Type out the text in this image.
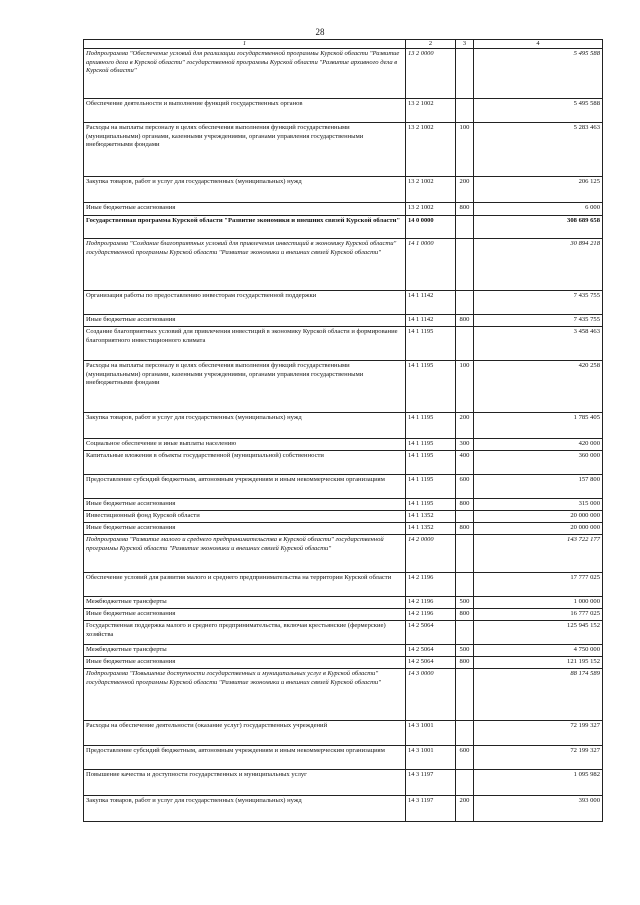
28
1	2	3	4
Подпрограмма "Обеспечение условий для реализации государственной программы Курской области "Развитие архивного дела в Курской области" государственной программы Курской области "Развитие архивного дела в Курской области"	13 2 0000		5 495 588
Обеспечение деятельности и выполнение функций государственных органов	13 2 1002		5 495 588
Расходы на выплаты персоналу в целях обеспечения выполнения функций государственными (муниципальными) органами, казенными учреждениями, органами управления государственными внебюджетными фондами	13 2 1002	100	5 283 463
Закупка товаров, работ и услуг для государственных (муниципальных) нужд	13 2 1002	200	206 125
Иные бюджетные ассигнования	13 2 1002	800	6 000
Государственная программа Курской области "Развитие экономики и внешних связей Курской области"	14 0 0000		308 689 658
Подпрограмма "Создание благоприятных условий для привлечения инвестиций в экономику Курской области" государственной программы Курской области "Развитие экономики и внешних связей Курской области"	14 1 0000		30 894 218
Организация работы по предоставлению инвесторам государственной поддержки	14 1 1142		7 435 755
Иные бюджетные ассигнования	14 1 1142	800	7 435 755
Создание благоприятных условий для привлечения инвестиций в экономику Курской области и формирование благоприятного инвестиционного климата	14 1 1195		3 458 463
Расходы на выплаты персоналу в целях обеспечения выполнения функций государственными (муниципальными) органами, казенными учреждениями, органами управления государственными внебюджетными фондами	14 1 1195	100	420 258
Закупка товаров, работ и услуг для государственных (муниципальных) нужд	14 1 1195	200	1 785 405
Социальное обеспечение и иные выплаты населению	14 1 1195	300	420 000
Капитальные вложения в объекты государственной (муниципальной) собственности	14 1 1195	400	360 000
Предоставление субсидий бюджетным, автономным учреждениям и иным некоммерческим организациям	14 1 1195	600	157 800
Иные бюджетные ассигнования	14 1 1195	800	315 000
Инвестиционный фонд Курской области	14 1 1352		20 000 000
Иные бюджетные ассигнования	14 1 1352	800	20 000 000
Подпрограмма "Развитие малого и среднего предпринимательства в Курской области" государственной программы Курской области "Развитие экономики и внешних связей Курской области"	14 2 0000		143 722 177
Обеспечение условий для развития малого и среднего предпринимательства на территории Курской области	14 2 1196		17 777 025
Межбюджетные трансферты	14 2 1196	500	1 000 000
Иные бюджетные ассигнования	14 2 1196	800	16 777 025
Государственная поддержка малого и среднего предпринимательства, включая крестьянские (фермерские) хозяйства	14 2 5064		125 945 152
Межбюджетные трансферты	14 2 5064	500	4 750 000
Иные бюджетные ассигнования	14 2 5064	800	121 195 152
Подпрограмма "Повышение доступности государственных и муниципальных услуг в Курской области" государственной программы Курской области "Развитие экономики и внешних связей Курской области"	14 3 0000		88 174 589
Расходы на обеспечение деятельности (оказание услуг) государственных учреждений	14 3 1001		72 199 327
Предоставление субсидий бюджетным, автономным учреждениям и иным некоммерческим организациям	14 3 1001	600	72 199 327
Повышение качества и доступности государственных и муниципальных услуг	14 3 1197		1 095 982
Закупка товаров, работ и услуг для государственных (муниципальных) нужд	14 3 1197	200	393 000
